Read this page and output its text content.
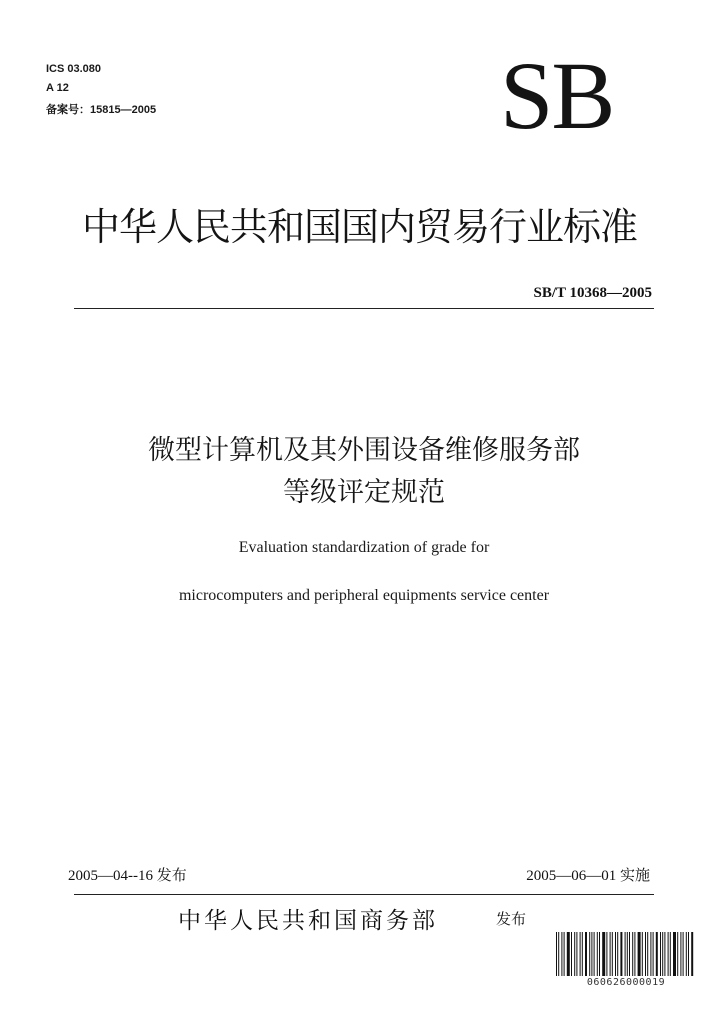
ICS 03.080
A 12
备案号：15815—2005	SB
中华人民共和国国内贸易行业标准
SB/T 10368—2005
微型计算机及其外围设备维修服务部
等级评定规范
Evaluation standardization of grade for
microcomputers and peripheral equipments service center
2005—04--16 发布	2005—06—01 实施
中华人民共和国商务部	发布
060626000019
